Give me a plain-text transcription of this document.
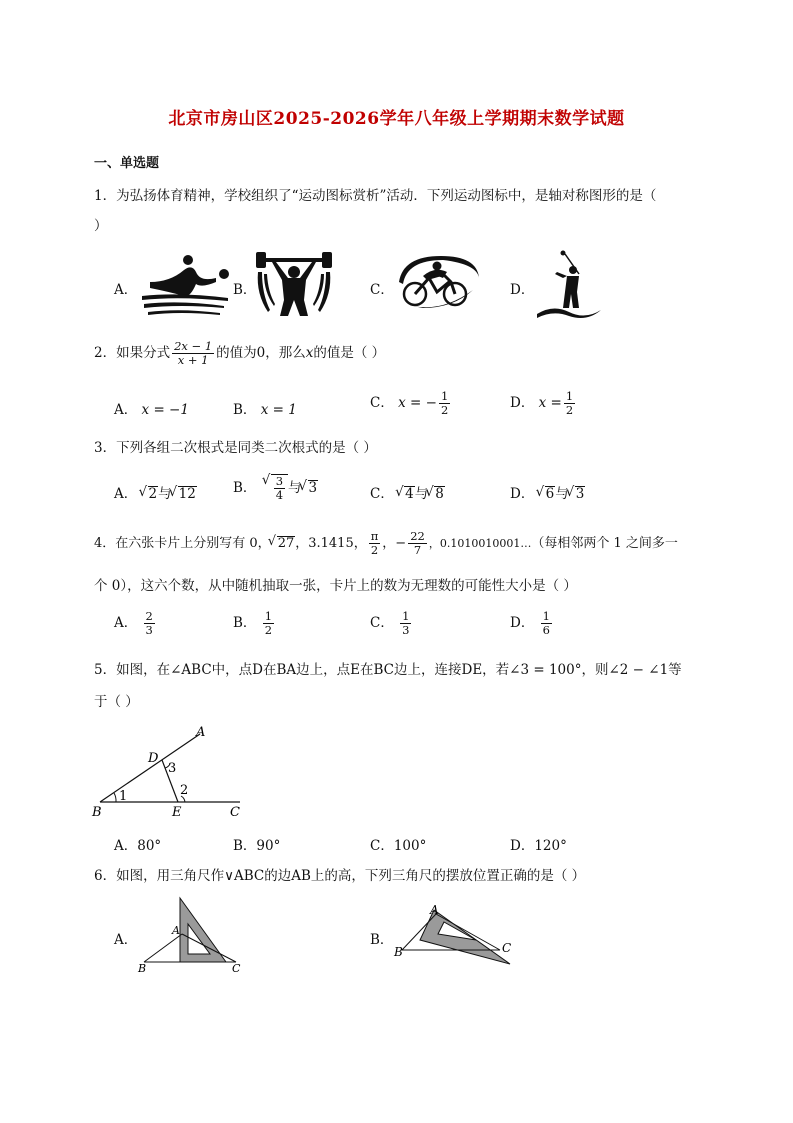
北京市房山区2025-2026学年八年级上学期期末数学试题
一、单选题
1．为弘扬体育精神，学校组织了“运动图标赏析”活动．下列运动图标中，是轴对称图形的是（
）
A．	B．	C．	D．
2．如果分式 $\frac{2x - 1}{x + 1}$ 的值为0，那么x的值是（ ）
A． x = −1	B． x = 1	C． x = − $\frac{1}{2}$	D． $x = \frac{1}{2}$
3．下列各组二次根式是同类二次根式的是（ ）
A． √ 2与 √ 12	B． √ $\frac{3}{4}$ 与 √ 3	C． √ 4与 √ 8	D． √ 6与 √ 3
4．在六张卡片上分别写有 0， √ 27，3.1415， $\frac{\pi}{2}$ ，− $\frac{22}{7}$ ，0.1010010001…（每相邻两个 1 之间多一
个 0），这六个数，从中随机抽取一张，卡片上的数为无理数的可能性大小是（ ）
A． $\frac{2}{3}$	B． $\frac{1}{2}$	C． $\frac{1}{3}$	D． $\frac{1}{6}$
5．如图，在∠ABC中，点D在BA边上，点E在BC边上，连接DE，若∠3 = 100°，则∠2 − ∠1等
于（ ）
A
B	C
D
E
1	2
3
A．80°	B．90°	C．100°	D．120°
6．如图，用三角尺作∨ABC的边AB上的高，下列三角尺的摆放位置正确的是（ ）
A．
A
B	C
B．
A
B	C
